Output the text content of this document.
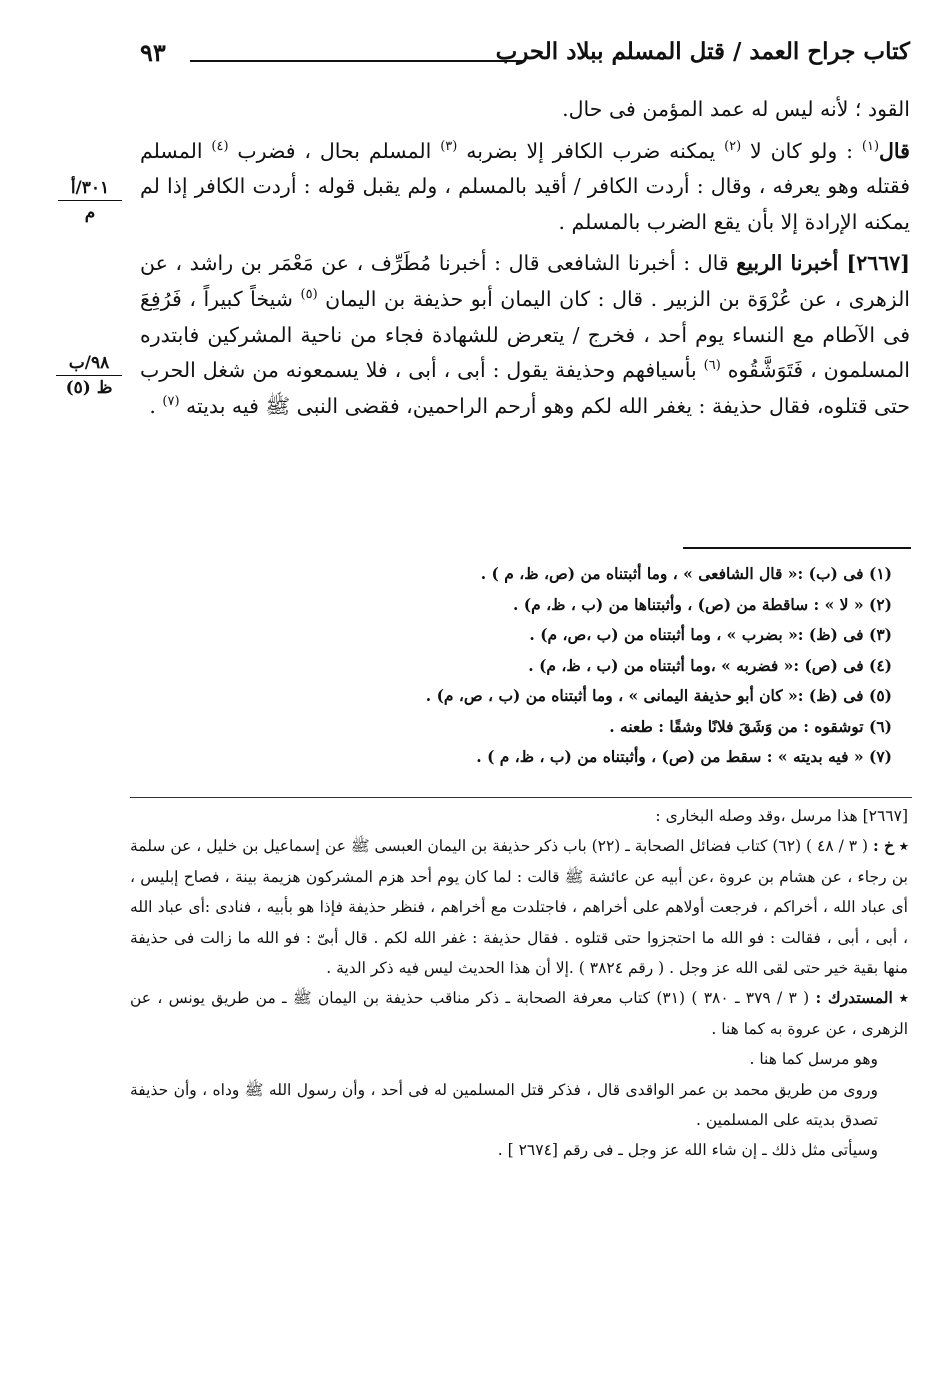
كتاب جراح العمد / قتل المسلم ببلاد الحرب
٩٣
٣٠١/أ
م
٩٨/ب
ظ (٥)

القود ؛ لأنه ليس له عمد المؤمن فى حال.

قال$^{(١)}$ : ولو كان لا $^{(٢)}$ يمكنه ضرب الكافر إلا بضربه $^{(٣)}$ المسلم بحال ، فضرب $^{(٤)}$ المسلم فقتله وهو يعرفه ، وقال : أردت الكافر / أقيد بالمسلم ، ولم يقبل قوله : أردت الكافر إذا لم يمكنه الإرادة إلا بأن يقع الضرب بالمسلم .

[٢٦٦٧] أخبرنا الربيع قال : أخبرنا الشافعى قال : أخبرنا مُطَرِّف ، عن مَعْمَر بن راشد ، عن الزهرى ، عن عُرْوَة بن الزبير . قال : كان اليمان أبو حذيفة بن اليمان $^{(٥)}$ شيخاً كبيراً ، فَرُفِعَ فى الآطام مع النساء يوم أحد ، فخرج / يتعرض للشهادة فجاء من ناحية المشركين فابتدره المسلمون ، فَتَوَشَّقُوه $^{(٦)}$ بأسيافهم وحذيفة يقول : أبى ، أبى ، فلا يسمعونه من شغل الحرب حتى قتلوه، فقال حذيفة : يغفر الله لكم وهو أرحم الراحمين، فقضى النبى ﷺ فيه بديته $^{(٧)}$ .

(١) فى (ب) :« قال الشافعى » ، وما أثبتناه من (ص، ظ، م ) .
(٢) « لا » : ساقطة من (ص) ، وأثبتناها من (ب ، ظ، م) .
(٣) فى (ظ) :« بضرب » ، وما أثبتناه من (ب ،ص، م) .
(٤) فى (ص) :« فضربه » ،وما أثبتناه من (ب ، ظ، م) .
(٥) فى (ظ) :« كان أبو حذيفة اليمانى » ، وما أثبتناه من (ب ، ص، م) .
(٦) توشقوه : من وَشَقَ فلانًا وشقًا : طعنه .
(٧) « فيه بديته » : سقط من (ص) ، وأثبتناه من (ب ، ظ، م ) .

[٢٦٦٧] هذا مرسل ،وقد وصله البخارى :

٭ خ : ( ٣ / ٤٨ ) (٦٢) كتاب فضائل الصحابة ـ (٢٢) باب ذكر حذيفة بن اليمان العبسى ﷺ عن إسماعيل بن خليل ، عن سلمة بن رجاء ، عن هشام بن عروة ،عن أبيه عن عائشة ﷺ قالت : لما كان يوم أحد هزم المشركون هزيمة بينة ، فصاح إبليس ، أى عباد الله ، أخراكم ، فرجعت أولاهم على أخراهم ، فاجتلدت مع أخراهم ، فنظر حذيفة فإذا هو بأبيه ، فنادى :أى عباد الله ، أبى ، أبى ، فقالت : فو الله ما احتجزوا حتى قتلوه . فقال حذيفة : غفر الله لكم . قال أبىّ : فو الله ما زالت فى حذيفة منها بقية خير حتى لقى الله عز وجل . ( رقم ٣٨٢٤ ) .إلا أن هذا الحديث ليس فيه ذكر الدية .

٭ المستدرك : ( ٣ / ٣٧٩ ـ ٣٨٠ ) (٣١) كتاب معرفة الصحابة ـ ذكر مناقب حذيفة بن اليمان ﷺ ـ من طريق يونس ، عن الزهرى ، عن عروة به كما هنا .

وهو مرسل كما هنا .

وروى من طريق محمد بن عمر الواقدى قال ، فذكر قتل المسلمين له فى أحد ، وأن رسول الله ﷺ وداه ، وأن حذيفة تصدق بديته على المسلمين .

وسيأتى مثل ذلك ـ إن شاء الله عز وجل ـ فى رقم [٢٦٧٤ ] .
